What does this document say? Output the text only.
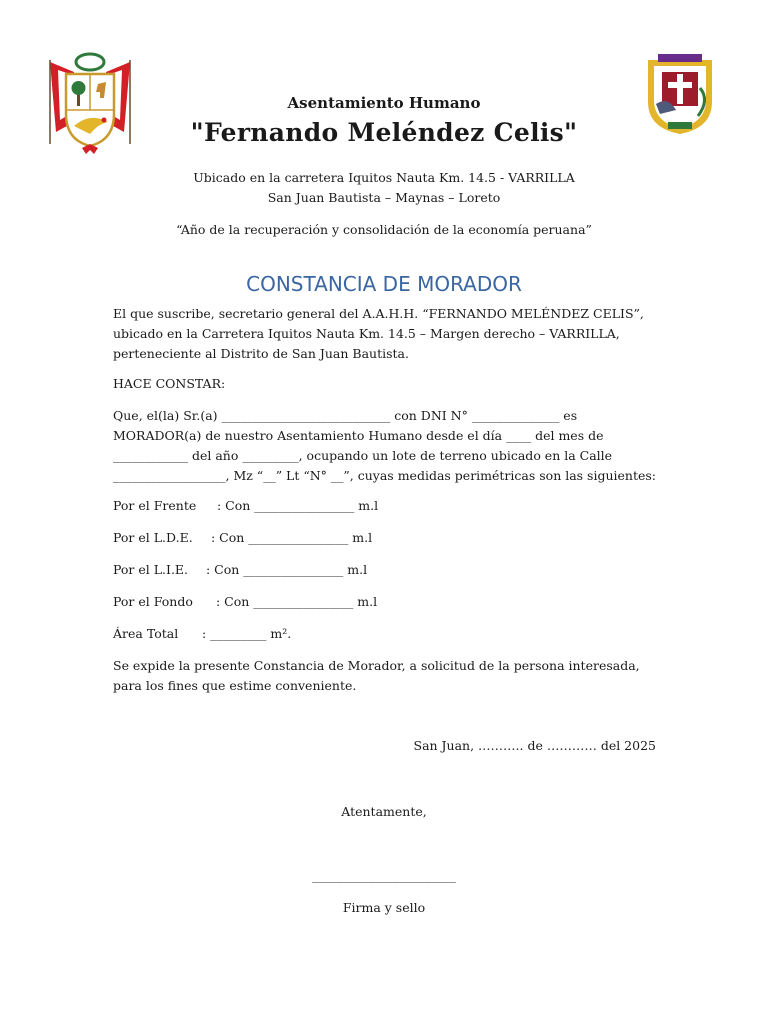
Asentamiento Humano
"Fernando Meléndez Celis"
Ubicado en la carretera Iquitos Nauta Km. 14.5 - VARRILLA
San Juan Bautista – Maynas – Loreto
“Año de la recuperación y consolidación de la economía peruana”
CONSTANCIA DE MORADOR
El que suscribe, secretario general del A.A.H.H. “FERNANDO MELÉNDEZ CELIS”, ubicado en la Carretera Iquitos Nauta Km. 14.5 – Margen derecho – VARRILLA, perteneciente al Distrito de San Juan Bautista.
HACE CONSTAR:
Que, el(la) Sr.(a) ___________________________ con DNI N° ______________ es MORADOR(a) de nuestro Asentamiento Humano desde el día ____ del mes de ____________ del año _________, ocupando un lote de terreno ubicado en la Calle __________________, Mz “__” Lt “N° __”, cuyas medidas perimétricas son las siguientes:
Por el Frente : Con ________________ m.l
Por el L.D.E. : Con ________________ m.l
Por el L.I.E. : Con ________________ m.l
Por el Fondo : Con ________________ m.l
Área Total : _________ m².
Se expide la presente Constancia de Morador, a solicitud de la persona interesada, para los fines que estime conveniente.
San Juan, ……….. de ………… del 2025
Atentamente,
_______________________
Firma y sello
